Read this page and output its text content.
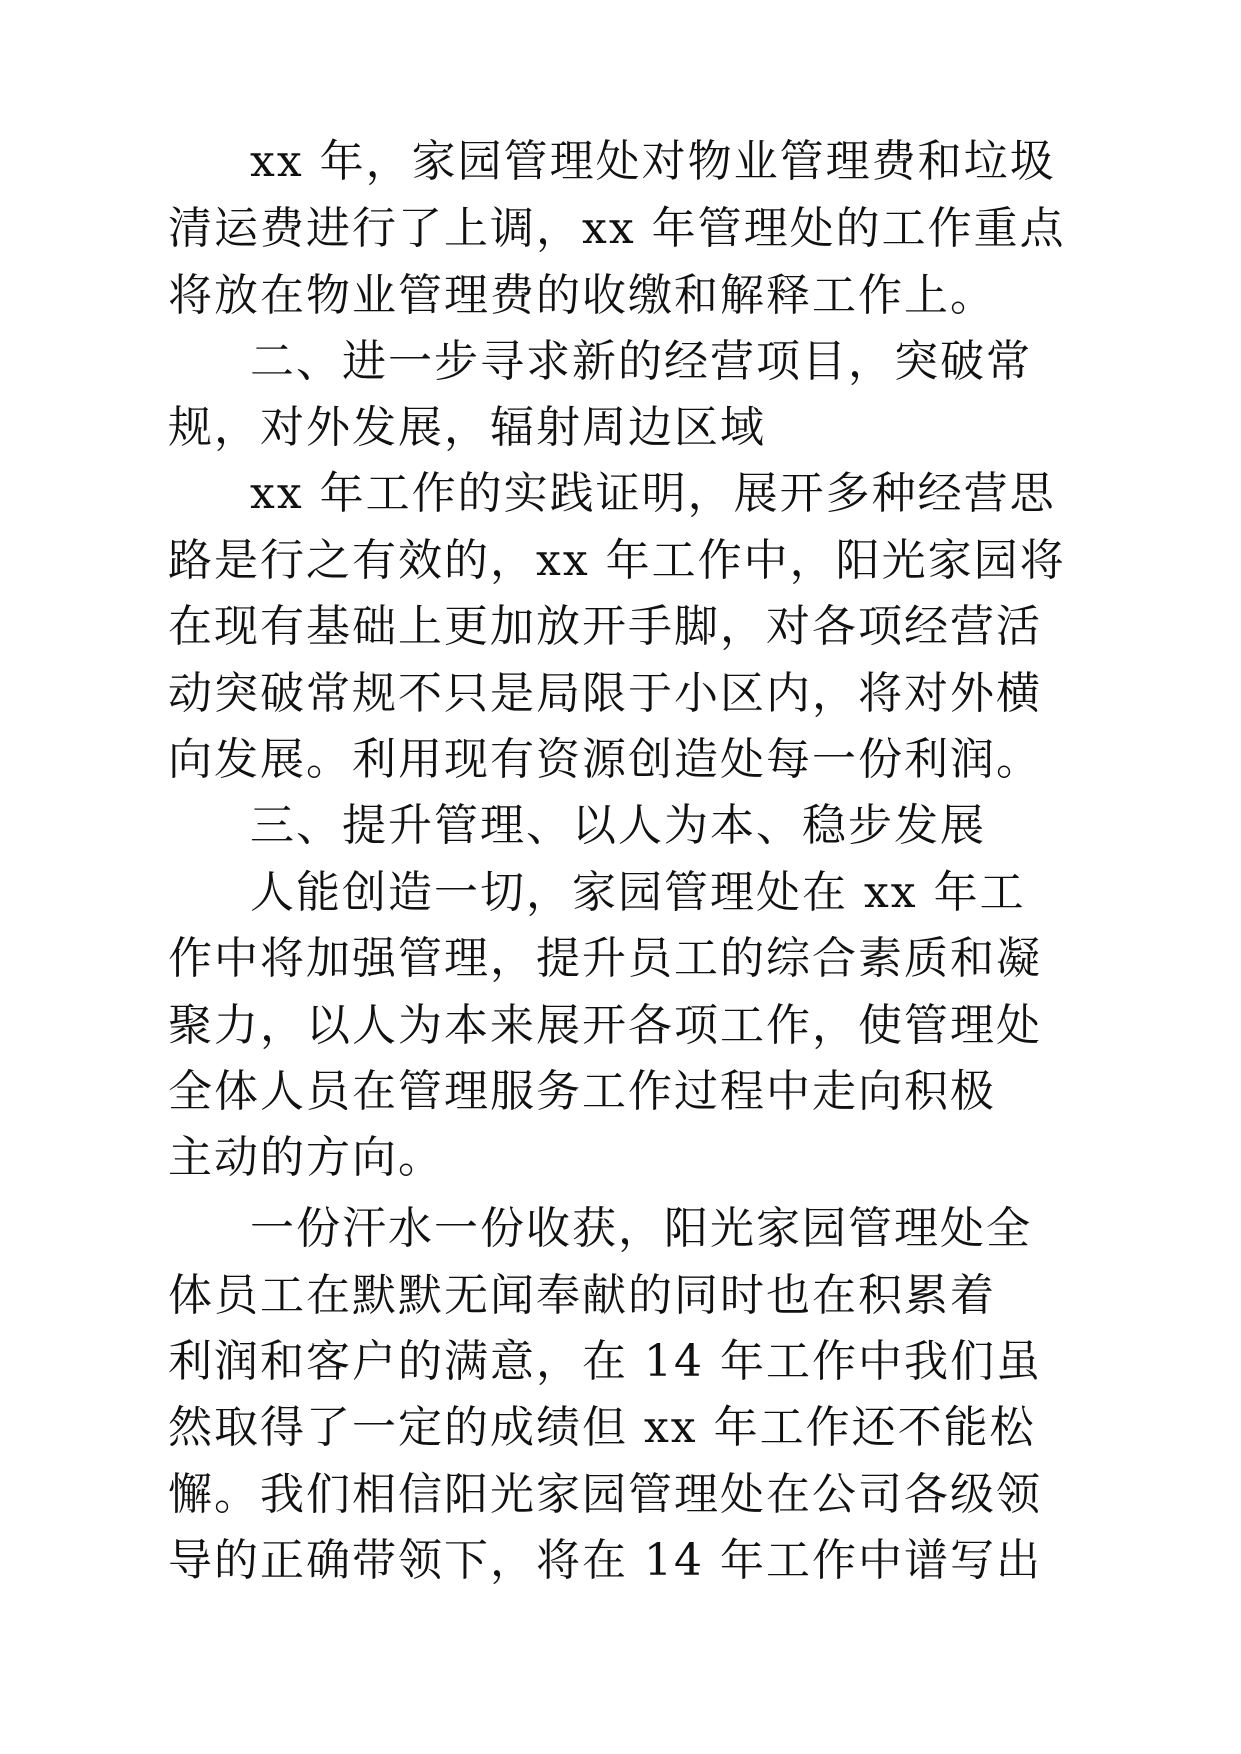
xx 年，家园管理处对物业管理费和垃圾
清运费进行了上调，xx 年管理处的工作重点
将放在物业管理费的收缴和解释工作上。
二、进一步寻求新的经营项目，突破常
规，对外发展，辐射周边区域
xx 年工作的实践证明，展开多种经营思
路是行之有效的，xx 年工作中，阳光家园将
在现有基础上更加放开手脚，对各项经营活
动突破常规不只是局限于小区内，将对外横
向发展。利用现有资源创造处每一份利润。
三、提升管理、以人为本、稳步发展
人能创造一切，家园管理处在 xx 年工
作中将加强管理，提升员工的综合素质和凝
聚力，以人为本来展开各项工作，使管理处
全体人员在管理服务工作过程中走向积极
主动的方向。
一份汗水一份收获，阳光家园管理处全
体员工在默默无闻奉献的同时也在积累着
利润和客户的满意，在 14 年工作中我们虽
然取得了一定的成绩但 xx 年工作还不能松
懈。我们相信阳光家园管理处在公司各级领
导的正确带领下，将在 14 年工作中谱写出
